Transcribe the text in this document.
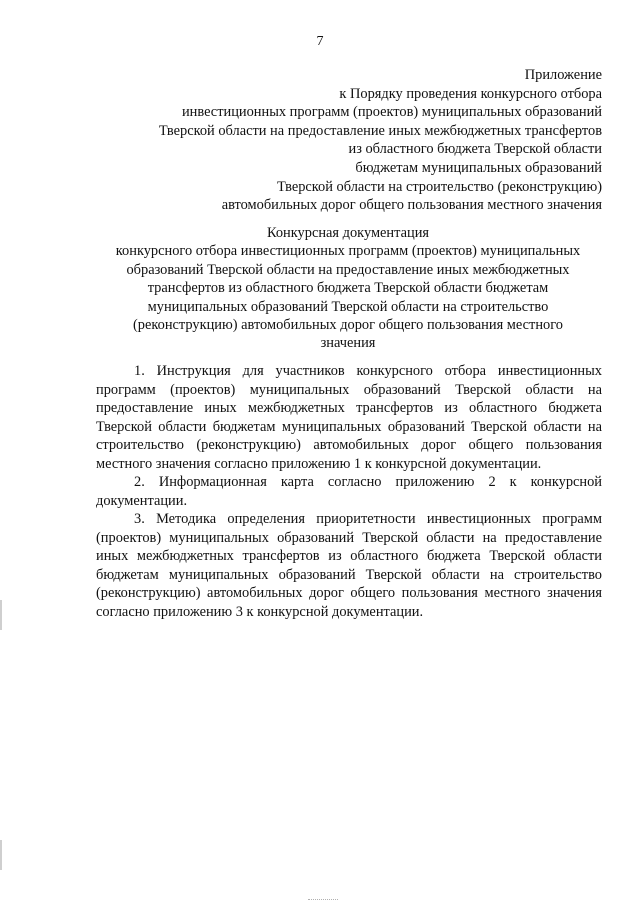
7
Приложение
к Порядку проведения конкурсного отбора
инвестиционных программ (проектов) муниципальных образований
Тверской области на предоставление иных межбюджетных трансфертов
из областного бюджета Тверской области
бюджетам муниципальных образований
Тверской области на строительство (реконструкцию)
автомобильных дорог общего пользования местного значения
Конкурсная документация
конкурсного отбора инвестиционных программ (проектов) муниципальных
образований Тверской области на предоставление иных межбюджетных
трансфертов из областного бюджета Тверской области бюджетам
муниципальных образований Тверской области на строительство
(реконструкцию) автомобильных дорог общего пользования местного
значения

1. Инструкция для участников конкурсного отбора инвестиционных программ (проектов) муниципальных образований Тверской области на предоставление иных межбюджетных трансфертов из областного бюджета Тверской области бюджетам муниципальных образований Тверской области на строительство (реконструкцию) автомобильных дорог общего пользования местного значения согласно приложению 1 к конкурсной документации.

2. Информационная карта согласно приложению 2 к конкурсной документации.

3. Методика определения приоритетности инвестиционных программ (проектов) муниципальных образований Тверской области на предоставление иных межбюджетных трансфертов из областного бюджета Тверской области бюджетам муниципальных образований Тверской области на строительство (реконструкцию) автомобильных дорог общего пользования местного значения согласно приложению 3 к конкурсной документации.
